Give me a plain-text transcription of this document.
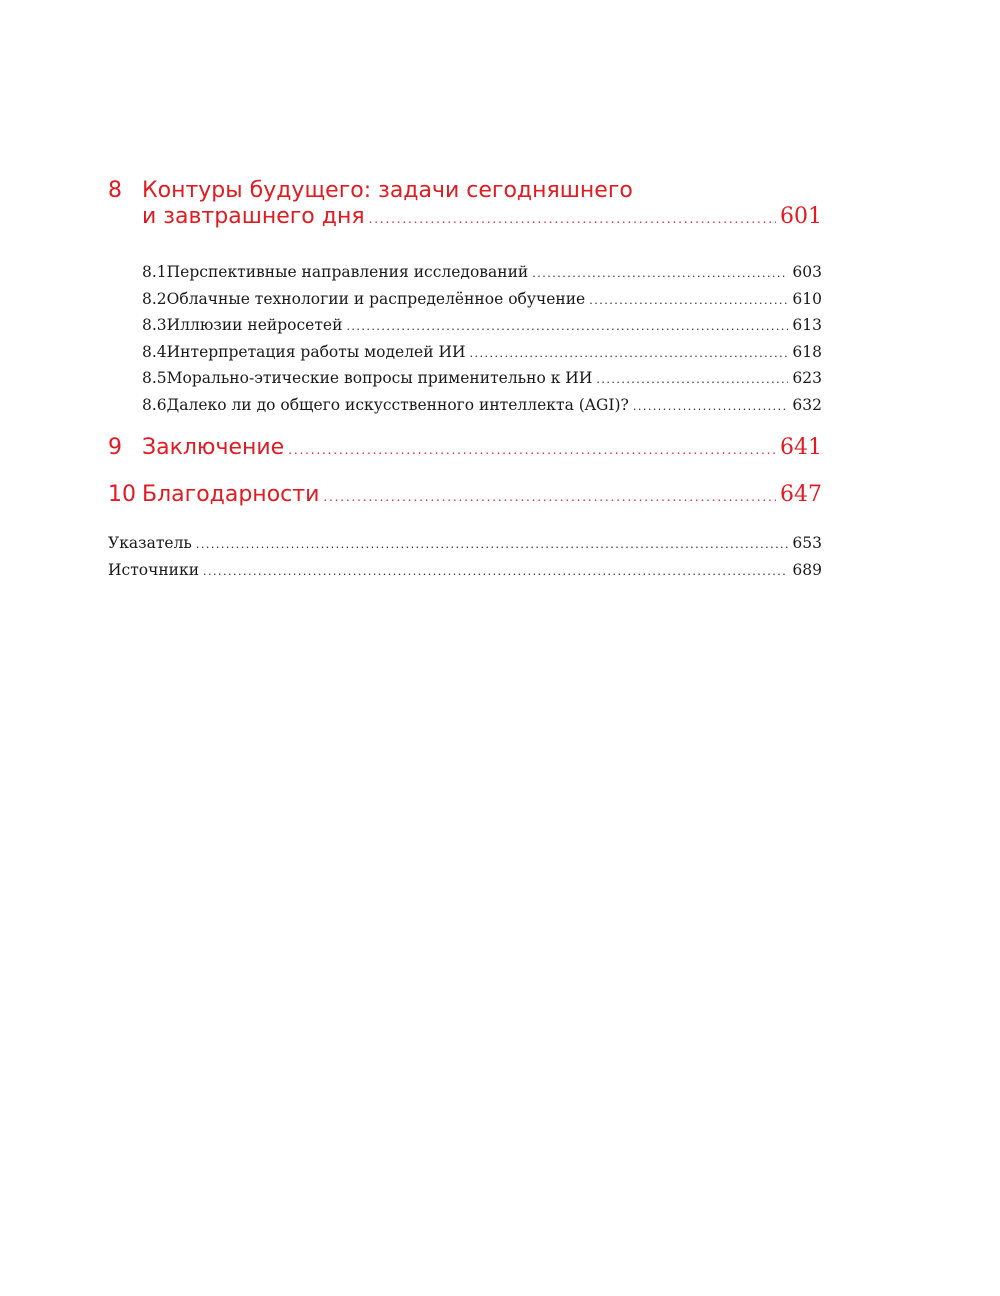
8 Контуры будущего: задачи сегодняшнего
и завтрашнего дня . . .	601
8.1 Перспективные направления исследований . . .	603
8.2 Облачные технологии и распределённое обучение . . .	610
8.3 Иллюзии нейросетей . . .	613
8.4 Интерпретация работы моделей ИИ . . .	618
8.5 Морально-этические вопросы применительно к ИИ . . .	623
8.6 Далеко ли до общего искусственного интеллекта (AGI)? . . .	632
9 Заключение . . .	641
10 Благодарности . . .	647
Указатель . . .	653
Источники . . .	689
